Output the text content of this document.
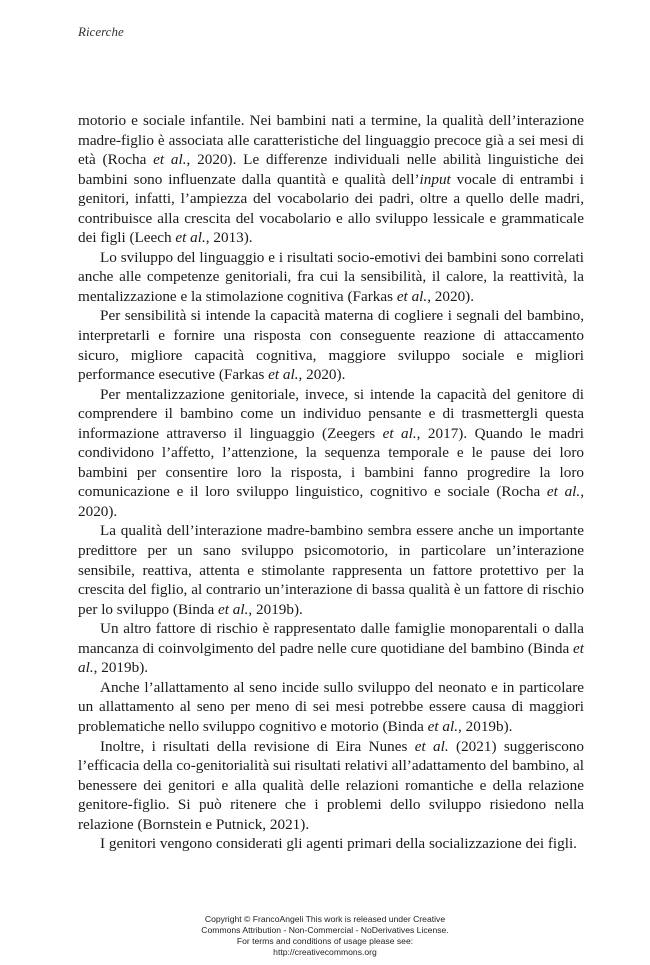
Ricerche

motorio e sociale infantile. Nei bambini nati a termine, la qualità dell’interazione madre-figlio è associata alle caratteristiche del linguaggio precoce già a sei mesi di età (Rocha et al., 2020). Le differenze individuali nelle abilità linguistiche dei bambini sono influenzate dalla quantità e qualità dell’input vocale di entrambi i genitori, infatti, l’ampiezza del vocabolario dei padri, oltre a quello delle madri, contribuisce alla crescita del vocabolario e allo sviluppo lessicale e grammaticale dei figli (Leech et al., 2013).

Lo sviluppo del linguaggio e i risultati socio-emotivi dei bambini sono correlati anche alle competenze genitoriali, fra cui la sensibilità, il calore, la reattività, la mentalizzazione e la stimolazione cognitiva (Farkas et al., 2020).

Per sensibilità si intende la capacità materna di cogliere i segnali del bambino, interpretarli e fornire una risposta con conseguente reazione di attaccamento sicuro, migliore capacità cognitiva, maggiore sviluppo sociale e migliori performance esecutive (Farkas et al., 2020).

Per mentalizzazione genitoriale, invece, si intende la capacità del genitore di comprendere il bambino come un individuo pensante e di trasmettergli questa informazione attraverso il linguaggio (Zeegers et al., 2017). Quando le madri condividono l’affetto, l’attenzione, la sequenza temporale e le pause dei loro bambini per consentire loro la risposta, i bambini fanno progredire la loro comunicazione e il loro sviluppo linguistico, cognitivo e sociale (Rocha et al., 2020).

La qualità dell’interazione madre-bambino sembra essere anche un importante predittore per un sano sviluppo psicomotorio, in particolare un’interazione sensibile, reattiva, attenta e stimolante rappresenta un fattore protettivo per la crescita del figlio, al contrario un’interazione di bassa qualità è un fattore di rischio per lo sviluppo (Binda et al., 2019b).

Un altro fattore di rischio è rappresentato dalle famiglie monoparentali o dalla mancanza di coinvolgimento del padre nelle cure quotidiane del bambino (Binda et al., 2019b).

Anche l’allattamento al seno incide sullo sviluppo del neonato e in particolare un allattamento al seno per meno di sei mesi potrebbe essere causa di maggiori problematiche nello sviluppo cognitivo e motorio (Binda et al., 2019b).

Inoltre, i risultati della revisione di Eira Nunes et al. (2021) suggeriscono l’efficacia della co-genitorialità sui risultati relativi all’adattamento del bambino, al benessere dei genitori e alla qualità delle relazioni romantiche e della relazione genitore-figlio. Si può ritenere che i problemi dello sviluppo risiedono nella relazione (Bornstein e Putnick, 2021).

I genitori vengono considerati gli agenti primari della socializzazione dei figli.

Copyright © FrancoAngeli This work is released under Creative
Commons Attribution - Non-Commercial - NoDerivatives License.
For terms and conditions of usage please see:
http://creativecommons.org
